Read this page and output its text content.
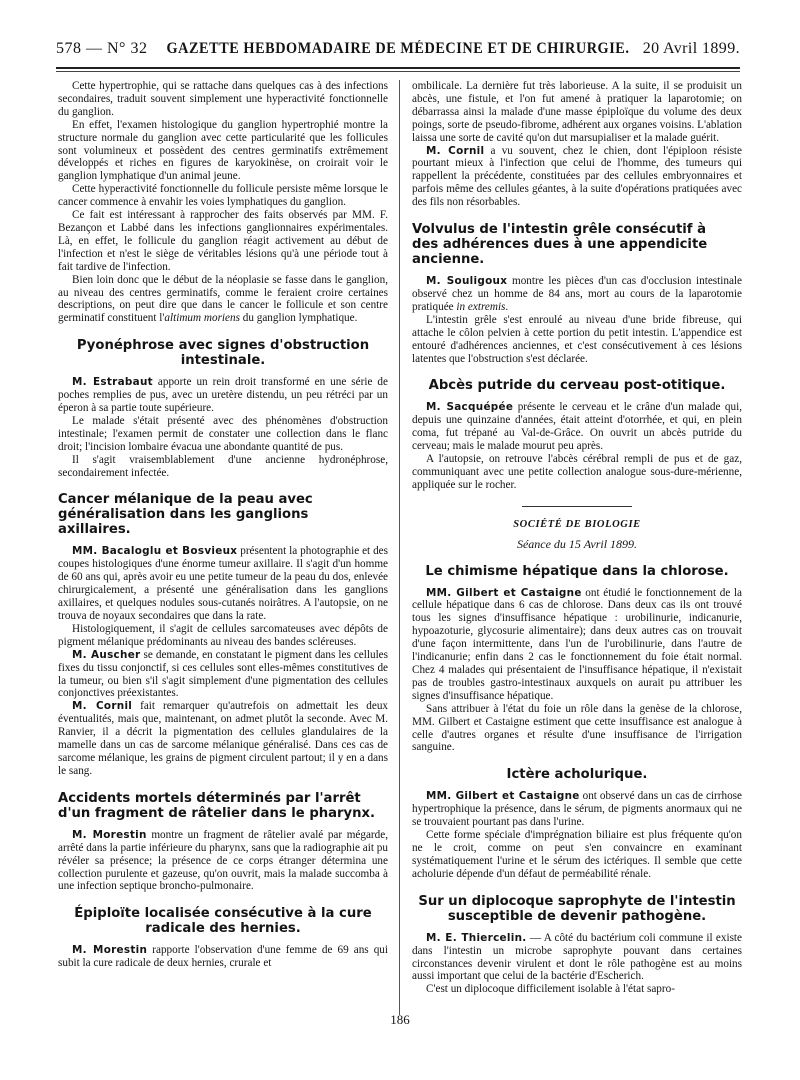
578 — N° 32	GAZETTE HEBDOMADAIRE DE MÉDECINE ET DE CHIRURGIE. 20 Avril 1899.

Cette hypertrophie, qui se rattache dans quelques cas à des infections secondaires, traduit souvent simplement une hyperactivité fonctionnelle du ganglion.

En effet, l'examen histologique du ganglion hypertrophié montre la structure normale du ganglion avec cette particularité que les follicules sont volumineux et possèdent des centres germinatifs extrêmement développés et riches en figures de karyokinèse, on croirait voir le ganglion lymphatique d'un animal jeune.

Cette hyperactivité fonctionnelle du follicule persiste même lorsque le cancer commence à envahir les voies lymphatiques du ganglion.

Ce fait est intéressant à rapprocher des faits observés par MM. F. Bezançon et Labbé dans les infections ganglionnaires expérimentales. Là, en effet, le follicule du ganglion réagit activement au début de l'infection et n'est le siège de véritables lésions qu'à une période tout à fait tardive de l'infection.

Bien loin donc que le début de la néoplasie se fasse dans le ganglion, au niveau des centres germinatifs, comme le feraient croire certaines descriptions, on peut dire que dans le cancer le follicule et son centre germinatif constituent l'altimum moriens du ganglion lymphatique.

Pyonéphrose avec signes d'obstruction intestinale.

M. Estrabaut apporte un rein droit transformé en une série de poches remplies de pus, avec un uretère distendu, un peu rétréci par un éperon à sa partie toute supérieure.

Le malade s'était présenté avec des phénomènes d'obstruction intestinale; l'examen permit de constater une collection dans le flanc droit; l'incision lombaire évacua une abondante quantité de pus.

Il s'agit vraisemblablement d'une ancienne hydronéphrose, secondairement infectée.

Cancer mélanique de la peau avec généralisation dans les ganglions axillaires.

MM. Bacaloglu et Bosvieux présentent la photographie et des coupes histologiques d'une énorme tumeur axillaire. Il s'agit d'un homme de 60 ans qui, après avoir eu une petite tumeur de la peau du dos, enlevée chirurgicalement, a présenté une généralisation dans les ganglions axillaires, et quelques nodules sous-cutanés noirâtres. A l'autopsie, on ne trouva de noyaux secondaires que dans la rate.

Histologiquement, il s'agit de cellules sarcomateuses avec dépôts de pigment mélanique prédominants au niveau des bandes scléreuses.

M. Auscher se demande, en constatant le pigment dans les cellules fixes du tissu conjonctif, si ces cellules sont elles-mêmes constitutives de la tumeur, ou bien s'il s'agit simplement d'une pigmentation des cellules conjonctives préexistantes.

M. Cornil fait remarquer qu'autrefois on admettait les deux éventualités, mais que, maintenant, on admet plutôt la seconde. Avec M. Ranvier, il a décrit la pigmentation des cellules glandulaires de la mamelle dans un cas de sarcome mélanique généralisé. Dans ces cas de sarcome mélanique, les grains de pigment circulent partout; il y en a dans le sang.

Accidents mortels déterminés par l'arrêt d'un fragment de râtelier dans le pharynx.

M. Morestin montre un fragment de râtelier avalé par mégarde, arrêté dans la partie inférieure du pharynx, sans que la radiographie ait pu révéler sa présence; la présence de ce corps étranger détermina une collection purulente et gazeuse, qu'on ouvrit, mais la malade succomba à une infection septique broncho-pulmonaire.

Épiploïte localisée consécutive à la cure radicale des hernies.

M. Morestin rapporte l'observation d'une femme de 69 ans qui subit la cure radicale de deux hernies, crurale et

ombilicale. La dernière fut très laborieuse. A la suite, il se produisit un abcès, une fistule, et l'on fut amené à pratiquer la laparotomie; on débarrassa ainsi la malade d'une masse épiploïque du volume des deux poings, sorte de pseudo-fibrome, adhérent aux organes voisins. L'ablation laissa une sorte de cavité qu'on dut marsupialiser et la malade guérit.

M. Cornil a vu souvent, chez le chien, dont l'épiploon résiste pourtant mieux à l'infection que celui de l'homme, des tumeurs qui rappellent la précédente, constituées par des cellules embryonnaires et parfois même des cellules géantes, à la suite d'opérations pratiquées avec des fils non résorbables.

Volvulus de l'intestin grêle consécutif à des adhérences dues à une appendicite ancienne.

M. Souligoux montre les pièces d'un cas d'occlusion intestinale observé chez un homme de 84 ans, mort au cours de la laparotomie pratiquée in extremis.

L'intestin grêle s'est enroulé au niveau d'une bride fibreuse, qui attache le côlon pelvien à cette portion du petit intestin. L'appendice est entouré d'adhérences anciennes, et c'est consécutivement à ces lésions latentes que l'obstruction s'est déclarée.

Abcès putride du cerveau post-otitique.

M. Sacquépée présente le cerveau et le crâne d'un malade qui, depuis une quinzaine d'années, était atteint d'otorrhée, et qui, en plein coma, fut trépané au Val-de-Grâce. On ouvrit un abcès putride du cerveau; mais le malade mourut peu après.

A l'autopsie, on retrouve l'abcès cérébral rempli de pus et de gaz, communiquant avec une petite collection analogue sous-dure-mérienne, appliquée sur le rocher.

SOCIÉTÉ DE BIOLOGIE

Séance du 15 Avril 1899.

Le chimisme hépatique dans la chlorose.

MM. Gilbert et Castaigne ont étudié le fonctionnement de la cellule hépatique dans 6 cas de chlorose. Dans deux cas ils ont trouvé tous les signes d'insuffisance hépatique : urobilinurie, indicanurie, hypoazoturie, glycosurie alimentaire); dans deux autres cas on trouvait d'une façon intermittente, dans l'un de l'urobilinurie, dans l'autre de l'indicanurie; enfin dans 2 cas le fonctionnement du foie était normal. Chez 4 malades qui présentaient de l'insuffisance hépatique, il n'existait pas de troubles gastro-intestinaux auxquels on aurait pu attribuer les signes d'insuffisance hépatique.

Sans attribuer à l'état du foie un rôle dans la genèse de la chlorose, MM. Gilbert et Castaigne estiment que cette insuffisance est analogue à celle d'autres organes et résulte d'une insuffisance de l'irrigation sanguine.

Ictère acholurique.

MM. Gilbert et Castaigne ont observé dans un cas de cirrhose hypertrophique la présence, dans le sérum, de pigments anormaux qui ne se trouvaient pourtant pas dans l'urine.

Cette forme spéciale d'imprégnation biliaire est plus fréquente qu'on ne le croit, comme on peut s'en convaincre en examinant systématiquement l'urine et le sérum des ictériques. Il semble que cette acholurie dépende d'un défaut de perméabilité rénale.

Sur un diplocoque saprophyte de l'intestin susceptible de devenir pathogène.

M. E. Thiercelin. — A côté du bactérium coli commune il existe dans l'intestin un microbe saprophyte pouvant dans certaines circonstances devenir virulent et dont le rôle pathogène est au moins aussi important que celui de la bactérie d'Escherich.

C'est un diplocoque difficilement isolable à l'état sapro-

186
